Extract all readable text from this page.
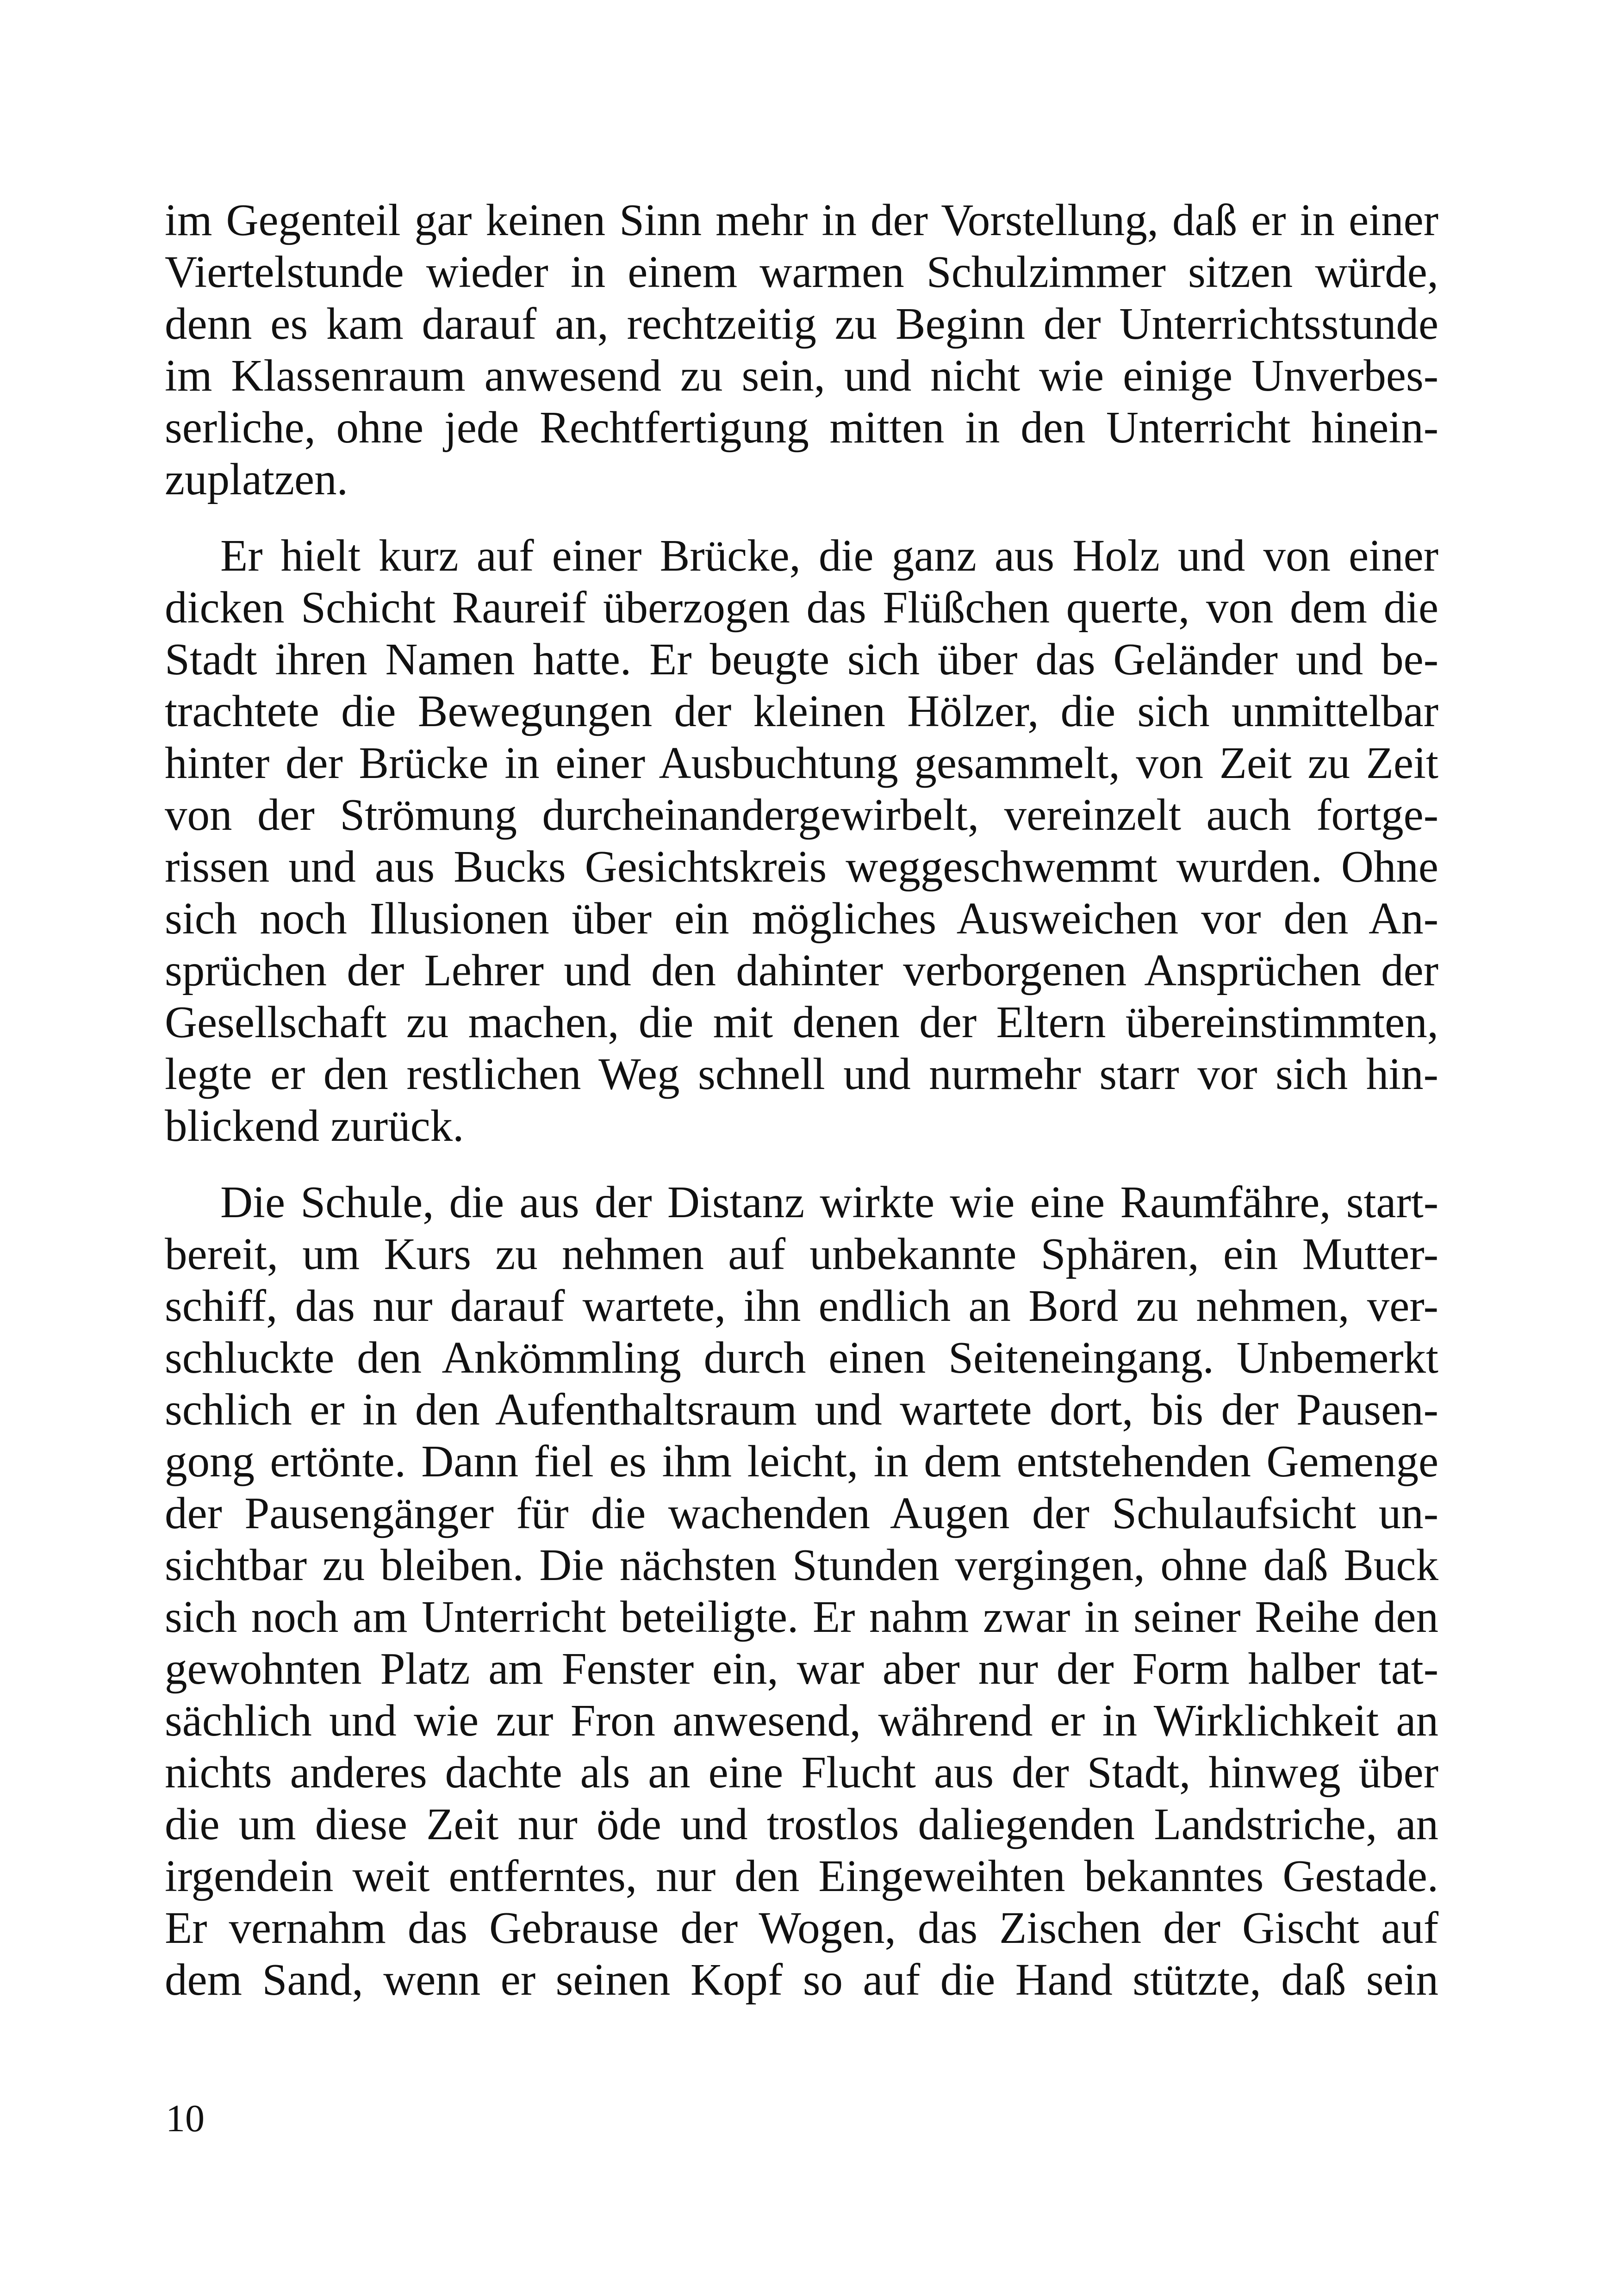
im Gegenteil gar keinen Sinn mehr in der Vorstellung, daß er in einer
Viertelstunde wieder in einem warmen Schulzimmer sitzen würde,
denn es kam darauf an, rechtzeitig zu Beginn der Unterrichtsstunde
im Klassenraum anwesend zu sein, und nicht wie einige Unverbes-
serliche, ohne jede Rechtfertigung mitten in den Unterricht hinein-
zuplatzen.
Er hielt kurz auf einer Brücke, die ganz aus Holz und von einer
dicken Schicht Raureif überzogen das Flüßchen querte, von dem die
Stadt ihren Namen hatte. Er beugte sich über das Geländer und be-
trachtete die Bewegungen der kleinen Hölzer, die sich unmittelbar
hinter der Brücke in einer Ausbuchtung gesammelt, von Zeit zu Zeit
von der Strömung durcheinandergewirbelt, vereinzelt auch fortge-
rissen und aus Bucks Gesichtskreis weggeschwemmt wurden. Ohne
sich noch Illusionen über ein mögliches Ausweichen vor den An-
sprüchen der Lehrer und den dahinter verborgenen Ansprüchen der
Gesellschaft zu machen, die mit denen der Eltern übereinstimmten,
legte er den restlichen Weg schnell und nurmehr starr vor sich hin-
blickend zurück.
Die Schule, die aus der Distanz wirkte wie eine Raumfähre, start-
bereit, um Kurs zu nehmen auf unbekannte Sphären, ein Mutter-
schiff, das nur darauf wartete, ihn endlich an Bord zu nehmen, ver-
schluckte den Ankömmling durch einen Seiteneingang. Unbemerkt
schlich er in den Aufenthaltsraum und wartete dort, bis der Pausen-
gong ertönte. Dann fiel es ihm leicht, in dem entstehenden Gemenge
der Pausengänger für die wachenden Augen der Schulaufsicht un-
sichtbar zu bleiben. Die nächsten Stunden vergingen, ohne daß Buck
sich noch am Unterricht beteiligte. Er nahm zwar in seiner Reihe den
gewohnten Platz am Fenster ein, war aber nur der Form halber tat-
sächlich und wie zur Fron anwesend, während er in Wirklichkeit an
nichts anderes dachte als an eine Flucht aus der Stadt, hinweg über
die um diese Zeit nur öde und trostlos daliegenden Landstriche, an
irgendein weit entferntes, nur den Eingeweihten bekanntes Gestade.
Er vernahm das Gebrause der Wogen, das Zischen der Gischt auf
dem Sand, wenn er seinen Kopf so auf die Hand stützte, daß sein
10
